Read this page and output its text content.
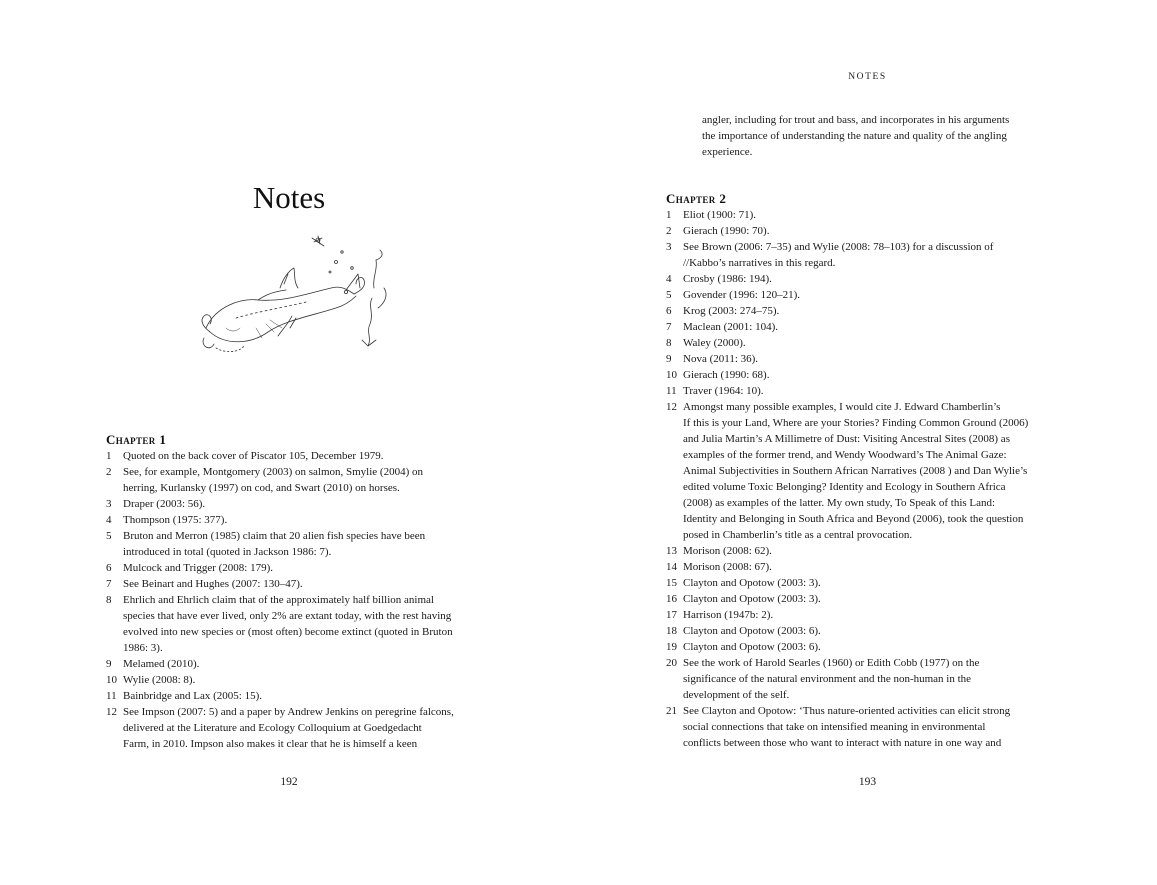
Notes
Chapter 1
1	Quoted on the back cover of Piscator 105, December 1979.
2	See, for example, Montgomery (2003) on salmon, Smylie (2004) on
herring, Kurlansky (1997) on cod, and Swart (2010) on horses.
3	Draper (2003: 56).
4	Thompson (1975: 377).
5	Bruton and Merron (1985) claim that 20 alien fish species have been
introduced in total (quoted in Jackson 1986: 7).
6	Mulcock and Trigger (2008: 179).
7	See Beinart and Hughes (2007: 130–47).
8	Ehrlich and Ehrlich claim that of the approximately half billion animal
species that have ever lived, only 2% are extant today, with the rest having
evolved into new species or (most often) become extinct (quoted in Bruton
1986: 3).
9	Melamed (2010).
10 Wylie (2008: 8).
11 Bainbridge and Lax (2005: 15).
12 See Impson (2007: 5) and a paper by Andrew Jenkins on peregrine falcons,
delivered at the Literature and Ecology Colloquium at Goedgedacht
Farm, in 2010. Impson also makes it clear that he is himself a keen
192
NOTES
angler, including for trout and bass, and incorporates in his arguments
the importance of understanding the nature and quality of the angling
experience.
Chapter 2
1	Eliot (1900: 71).
2	Gierach (1990: 70).
3	See Brown (2006: 7–35) and Wylie (2008: 78–103) for a discussion of
//Kabbo’s narratives in this regard.
4	Crosby (1986: 194).
5	Govender (1996: 120–21).
6	Krog (2003: 274–75).
7	Maclean (2001: 104).
8	Waley (2000).
9	Nova (2011: 36).
10 Gierach (1990: 68).
11 Traver (1964: 10).
12 Amongst many possible examples, I would cite J. Edward Chamberlin’s
If this is your Land, Where are your Stories? Finding Common Ground (2006)
and Julia Martin’s A Millimetre of Dust: Visiting Ancestral Sites (2008) as
examples of the former trend, and Wendy Woodward’s The Animal Gaze:
Animal Subjectivities in Southern African Narratives (2008 ) and Dan Wylie’s
edited volume Toxic Belonging? Identity and Ecology in Southern Africa
(2008) as examples of the latter. My own study, To Speak of this Land:
Identity and Belonging in South Africa and Beyond (2006), took the question
posed in Chamberlin’s title as a central provocation.
13 Morison (2008: 62).
14 Morison (2008: 67).
15 Clayton and Opotow (2003: 3).
16 Clayton and Opotow (2003: 3).
17 Harrison (1947b: 2).
18 Clayton and Opotow (2003: 6).
19 Clayton and Opotow (2003: 6).
20 See the work of Harold Searles (1960) or Edith Cobb (1977) on the
significance of the natural environment and the non-human in the
development of the self.
21 See Clayton and Opotow: ‘Thus nature-oriented activities can elicit strong
social connections that take on intensified meaning in environmental
conflicts between those who want to interact with nature in one way and
193
